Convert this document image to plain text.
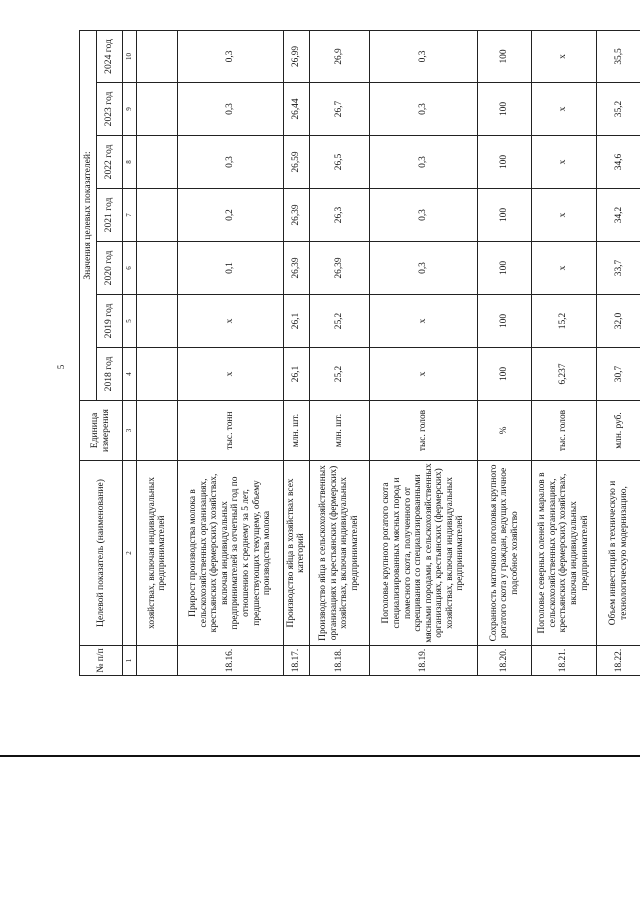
5
№ п/п	Целевой показатель (наименование)	Единица измерения	Значения целевых показателей:						
			2018 год	2019 год	2020 год	2021 год	2022 год	2023 год	2024 год
1	2	3	4	5	6	7	8	9	10
	хозяйствах, включая индивидуальных предпринимателей								
18.16.	Прирост производства молока в сельскохозяйственных организациях, крестьянских (фермерских) хозяйствах, включая индивидуальных предпринимателей за отчетный год по отношению к среднему за 5 лет, предшествующих текущему, объему производства молока	тыс. тонн	x	x	0,1	0,2	0,3	0,3	0,3
18.17.	Производство яйца в хозяйствах всех категорий	млн. шт.	26,1	26,1	26,39	26,39	26,59	26,44	26,99
18.18.	Производство яйца в сельскохозяйственных организациях и крестьянских (фермерских) хозяйствах, включая индивидуальных предпринимателей	млн. шт.	25,2	25,2	26,39	26,3	26,5	26,7	26,9
18.19.	Поголовье крупного рогатого скота специализированных мясных пород и помесного скота, полученного от скрещивания со специализированными мясными породами, в сельскохозяйственных организациях, крестьянских (фермерских) хозяйствах, включая индивидуальных предпринимателей	тыс. голов	x	x	0,3	0,3	0,3	0,3	0,3
18.20.	Сохранность маточного поголовья крупного рогатого скота у граждан, ведущих личное подсобное хозяйство	%	100	100	100	100	100	100	100
18.21.	Поголовье северных оленей и маралов в сельскохозяйственных организациях, крестьянских (фермерских) хозяйствах, включая индивидуальных предпринимателей	тыс. голов	6,237	15,2	x	x	x	x	x
18.22.	Объем инвестиций в техническую и технологическую модернизацию,	млн. руб.	30,7	32,0	33,7	34,2	34,6	35,2	35,5
